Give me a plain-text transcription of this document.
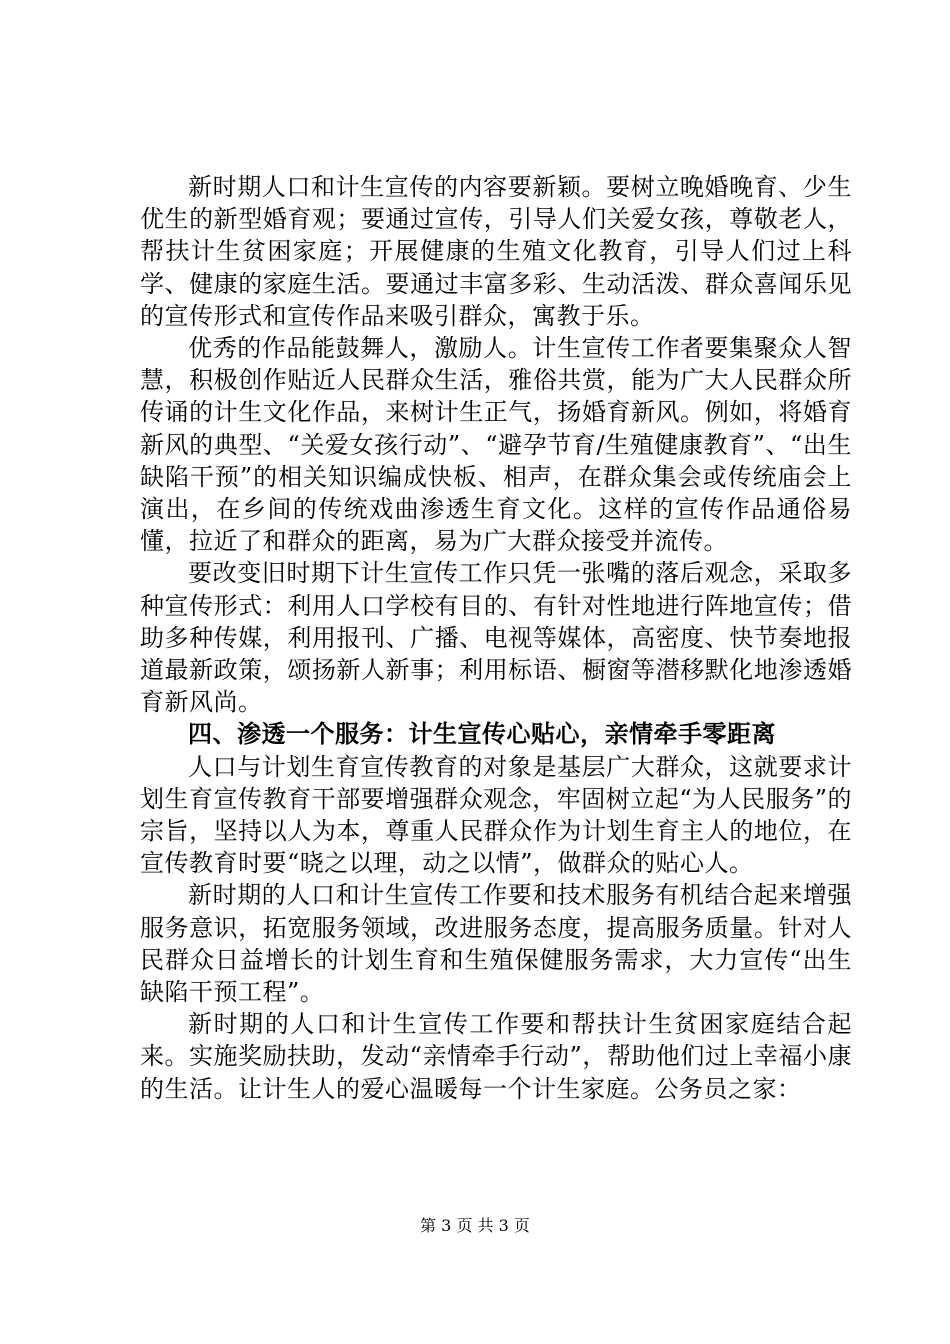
新时期人口和计生宣传的内容要新颖。要树立晚婚晚育、少生优生的新型婚育观；要通过宣传，引导人们关爱女孩，尊敬老人，帮扶计生贫困家庭；开展健康的生殖文化教育，引导人们过上科学、健康的家庭生活。要通过丰富多彩、生动活泼、群众喜闻乐见的宣传形式和宣传作品来吸引群众，寓教于乐。

优秀的作品能鼓舞人，激励人。计生宣传工作者要集聚众人智慧，积极创作贴近人民群众生活，雅俗共赏，能为广大人民群众所传诵的计生文化作品，来树计生正气，扬婚育新风。例如，将婚育新风的典型、“关爱女孩行动”、“避孕节育/生殖健康教育”、“出生缺陷干预”的相关知识编成快板、相声，在群众集会或传统庙会上演出，在乡间的传统戏曲渗透生育文化。这样的宣传作品通俗易懂，拉近了和群众的距离，易为广大群众接受并流传。

要改变旧时期下计生宣传工作只凭一张嘴的落后观念，采取多种宣传形式：利用人口学校有目的、有针对性地进行阵地宣传；借助多种传媒，利用报刊、广播、电视等媒体，高密度、快节奏地报道最新政策，颂扬新人新事；利用标语、橱窗等潜移默化地渗透婚育新风尚。

四、渗透一个服务：计生宣传心贴心，亲情牵手零距离

人口与计划生育宣传教育的对象是基层广大群众，这就要求计划生育宣传教育干部要增强群众观念，牢固树立起“为人民服务”的宗旨，坚持以人为本，尊重人民群众作为计划生育主人的地位，在宣传教育时要“晓之以理，动之以情”，做群众的贴心人。

新时期的人口和计生宣传工作要和技术服务有机结合起来增强服务意识，拓宽服务领域，改进服务态度，提高服务质量。针对人民群众日益增长的计划生育和生殖保健服务需求，大力宣传“出生缺陷干预工程”。

新时期的人口和计生宣传工作要和帮扶计生贫困家庭结合起来。实施奖励扶助，发动“亲情牵手行动”，帮助他们过上幸福小康的生活。让计生人的爱心温暖每一个计生家庭。公务员之家：

第 3 页 共 3 页
